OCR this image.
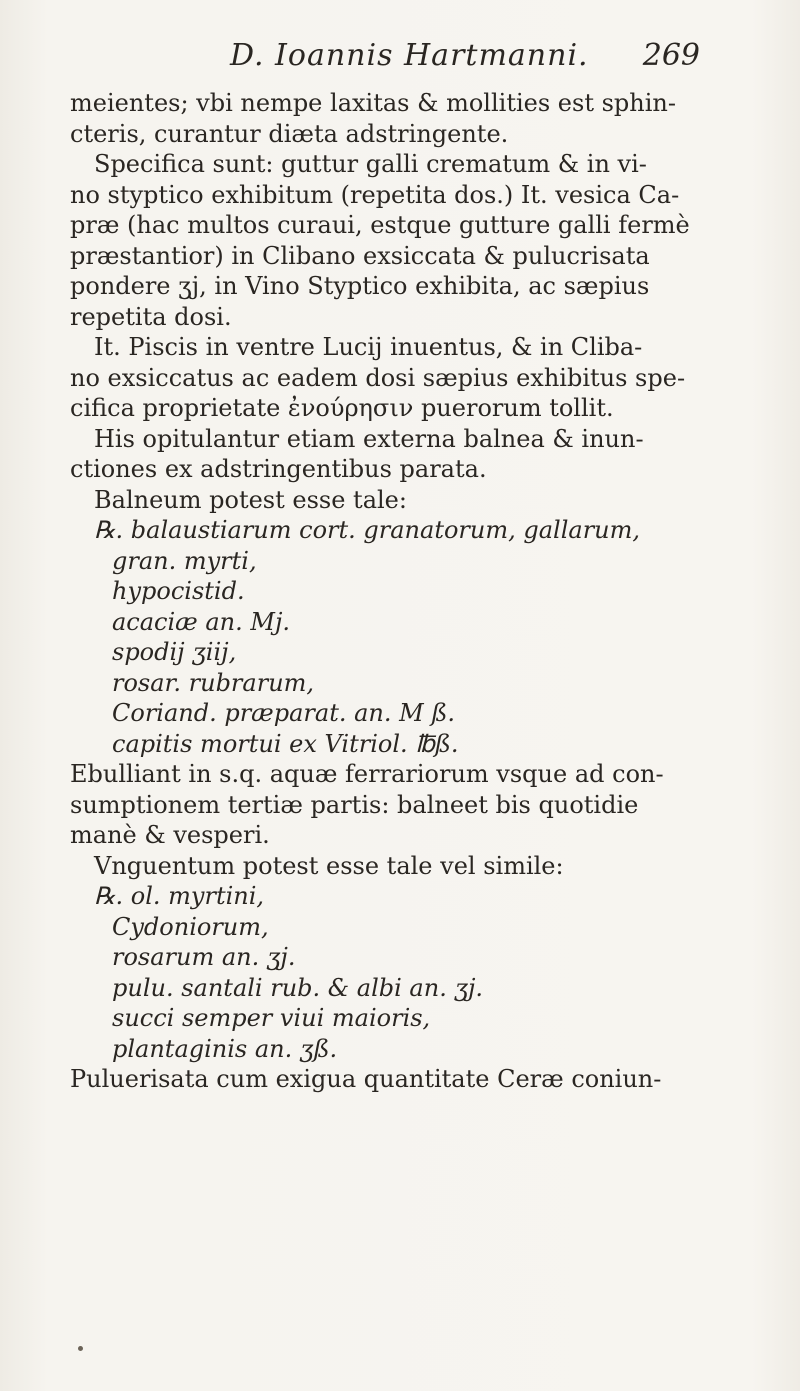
D. Ioannis Hartmanni. 269
meientes; vbi nempe laxitas & mollities est sphin-
cteris, curantur diæta adstringente.
Specifica sunt: guttur galli crematum & in vi-
no styptico exhibitum (repetita dos.) It. vesica Ca-
præ (hac multos curaui, estque gutture galli fermè
præstantior) in Clibano exsiccata & pulucrisata
pondere ʒj, in Vino Styptico exhibita, ac sæpius
repetita dosi.
It. Piscis in ventre Lucij inuentus, & in Cliba-
no exsiccatus ac eadem dosi sæpius exhibitus spe-
cifica proprietate ἐνούρησιν puerorum tollit.
His opitulantur etiam externa balnea & inun-
ctiones ex adstringentibus parata.
Balneum potest esse tale:
℞. balaustiarum cort. granatorum, gallarum,
gran. myrti,
hypocistid.
acaciæ an. Mj.
spodij ʒiij,
rosar. rubrarum,
Coriand. præparat. an. M ß.
capitis mortui ex Vitriol. ℔ß.
Ebulliant in s.q. aquæ ferrariorum vsque ad con-
sumptionem tertiæ partis: balneet bis quotidie
manè & vesperi.
Vnguentum potest esse tale vel simile:
℞. ol. myrtini,
Cydoniorum,
rosarum an. ʒj.
pulu. santali rub. & albi an. ʒj.
succi semper viui maioris,
plantaginis an. ʒß.
Puluerisata cum exigua quantitate Ceræ coniun-
